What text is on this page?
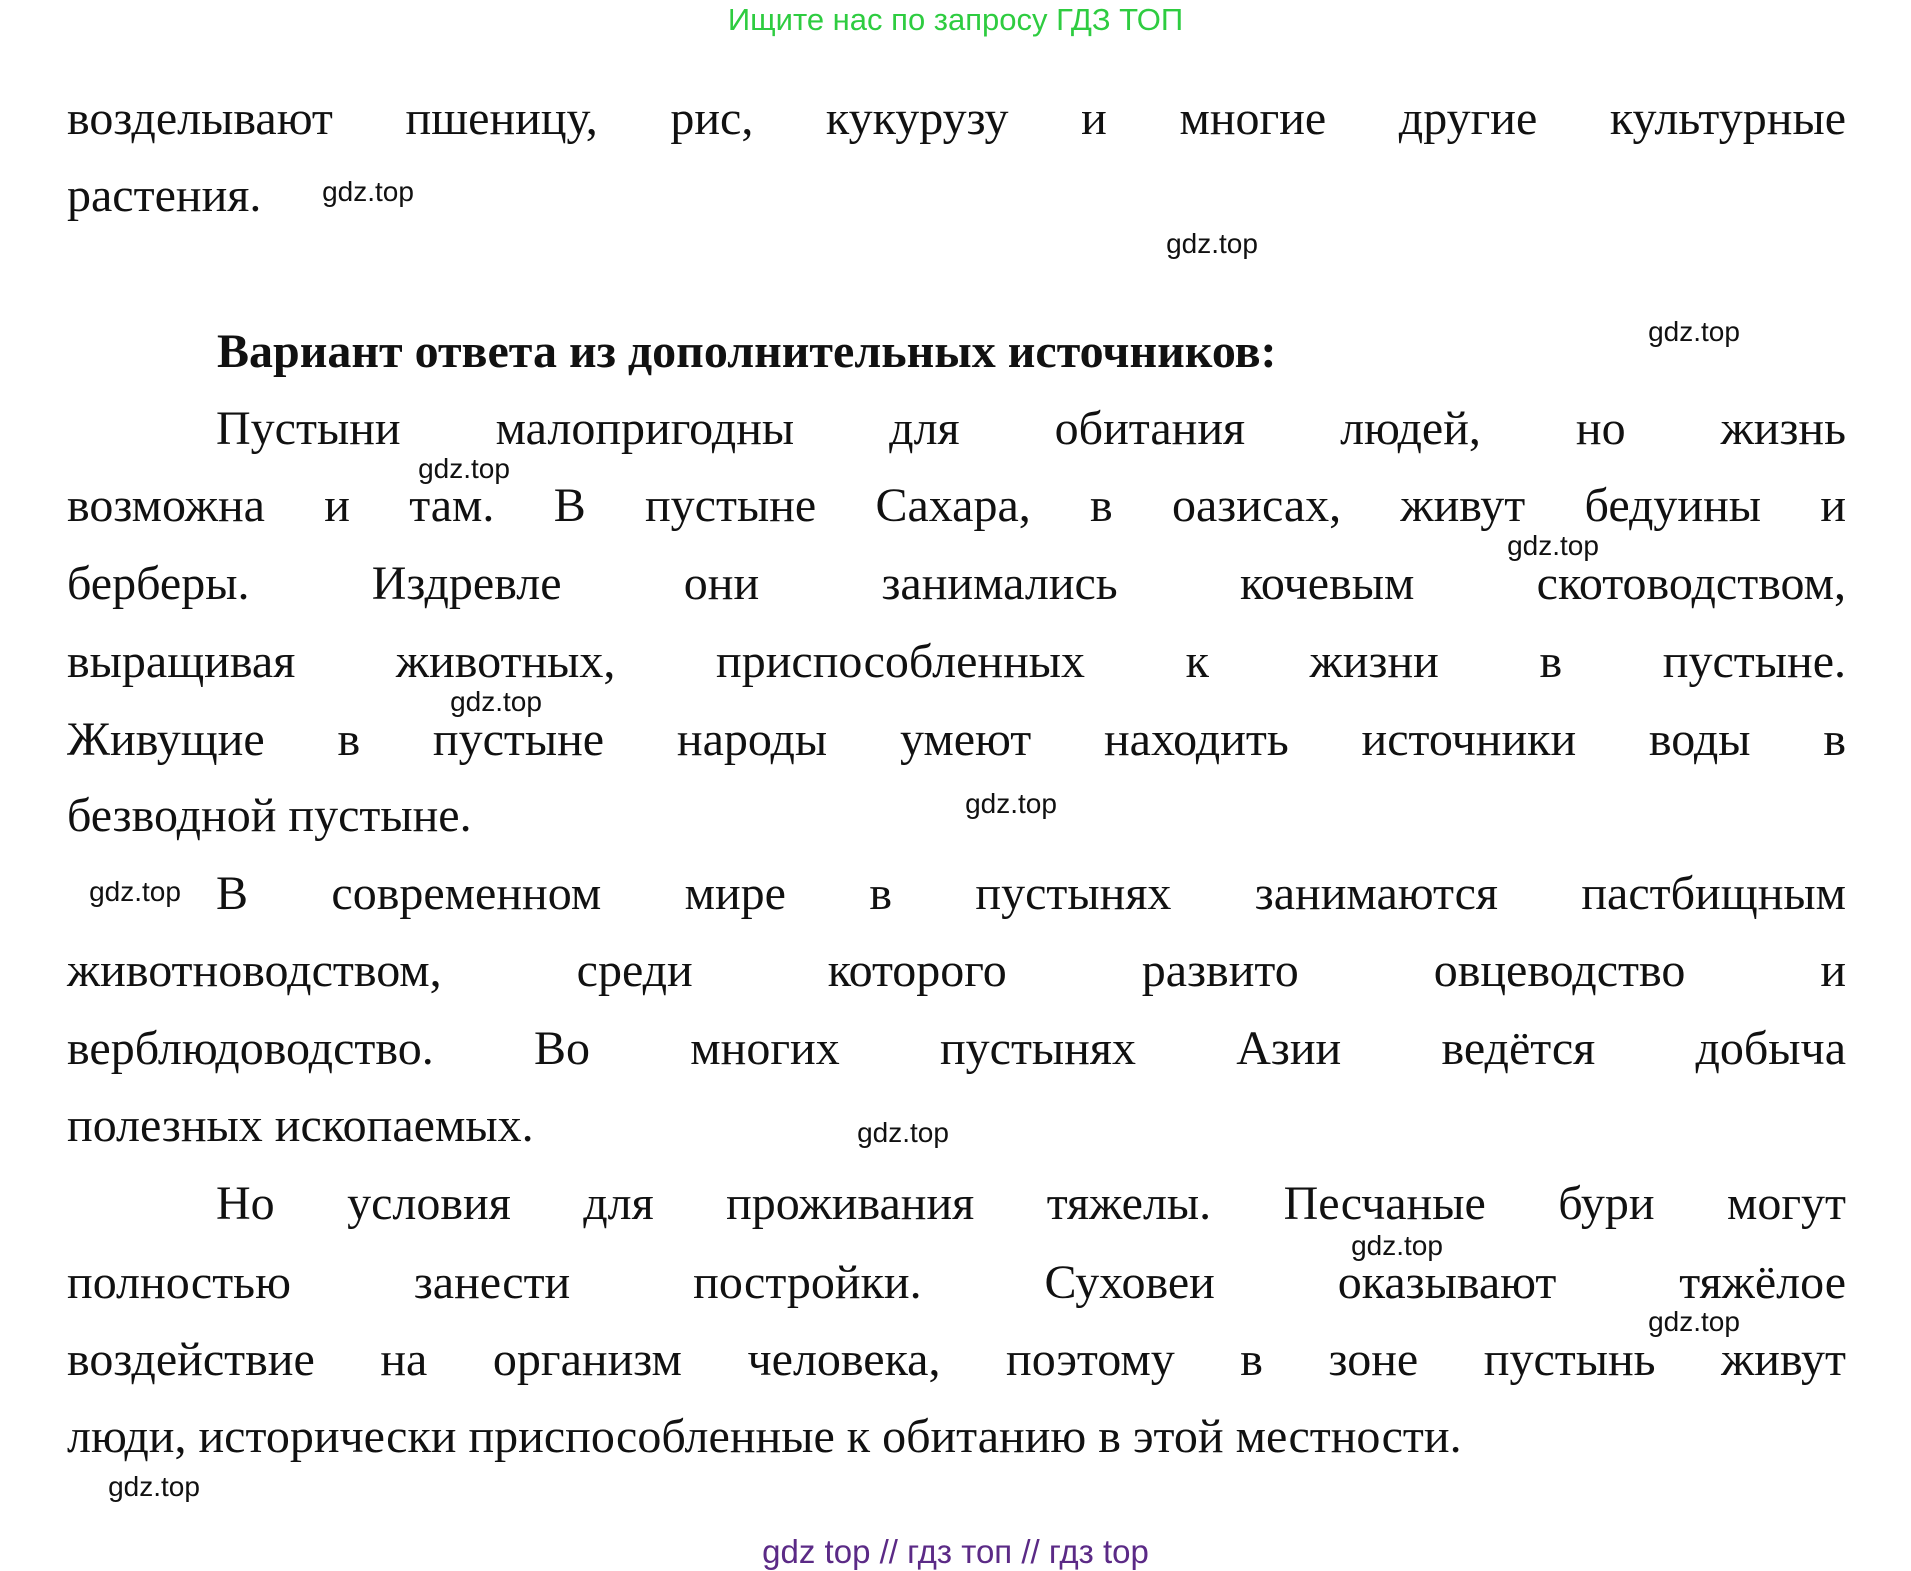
Ищите нас по запросу ГДЗ ТОП
возделывают пшеницу, рис, кукурузу и многие другие культурные
растения.
Вариант ответа из дополнительных источников:
Пустыни малопригодны для обитания людей, но жизнь
возможна и там. В пустыне Сахара, в оазисах, живут бедуины и
берберы. Издревле они занимались кочевым скотоводством,
выращивая животных, приспособленных к жизни в пустыне.
Живущие в пустыне народы умеют находить источники воды в
безводной пустыне.
В современном мире в пустынях занимаются пастбищным
животноводством, среди которого развито овцеводство и
верблюдоводство. Во многих пустынях Азии ведётся добыча
полезных ископаемых.
Но условия для проживания тяжелы. Песчаные бури могут
полностью занести постройки. Суховеи оказывают тяжёлое
воздействие на организм человека, поэтому в зоне пустынь живут
люди, исторически приспособленные к обитанию в этой местности.
gdz.top
gdz.top
gdz.top
gdz.top
gdz.top
gdz.top
gdz.top
gdz.top
gdz.top
gdz.top
gdz.top
gdz.top
gdz top // гдз топ // гдз top
